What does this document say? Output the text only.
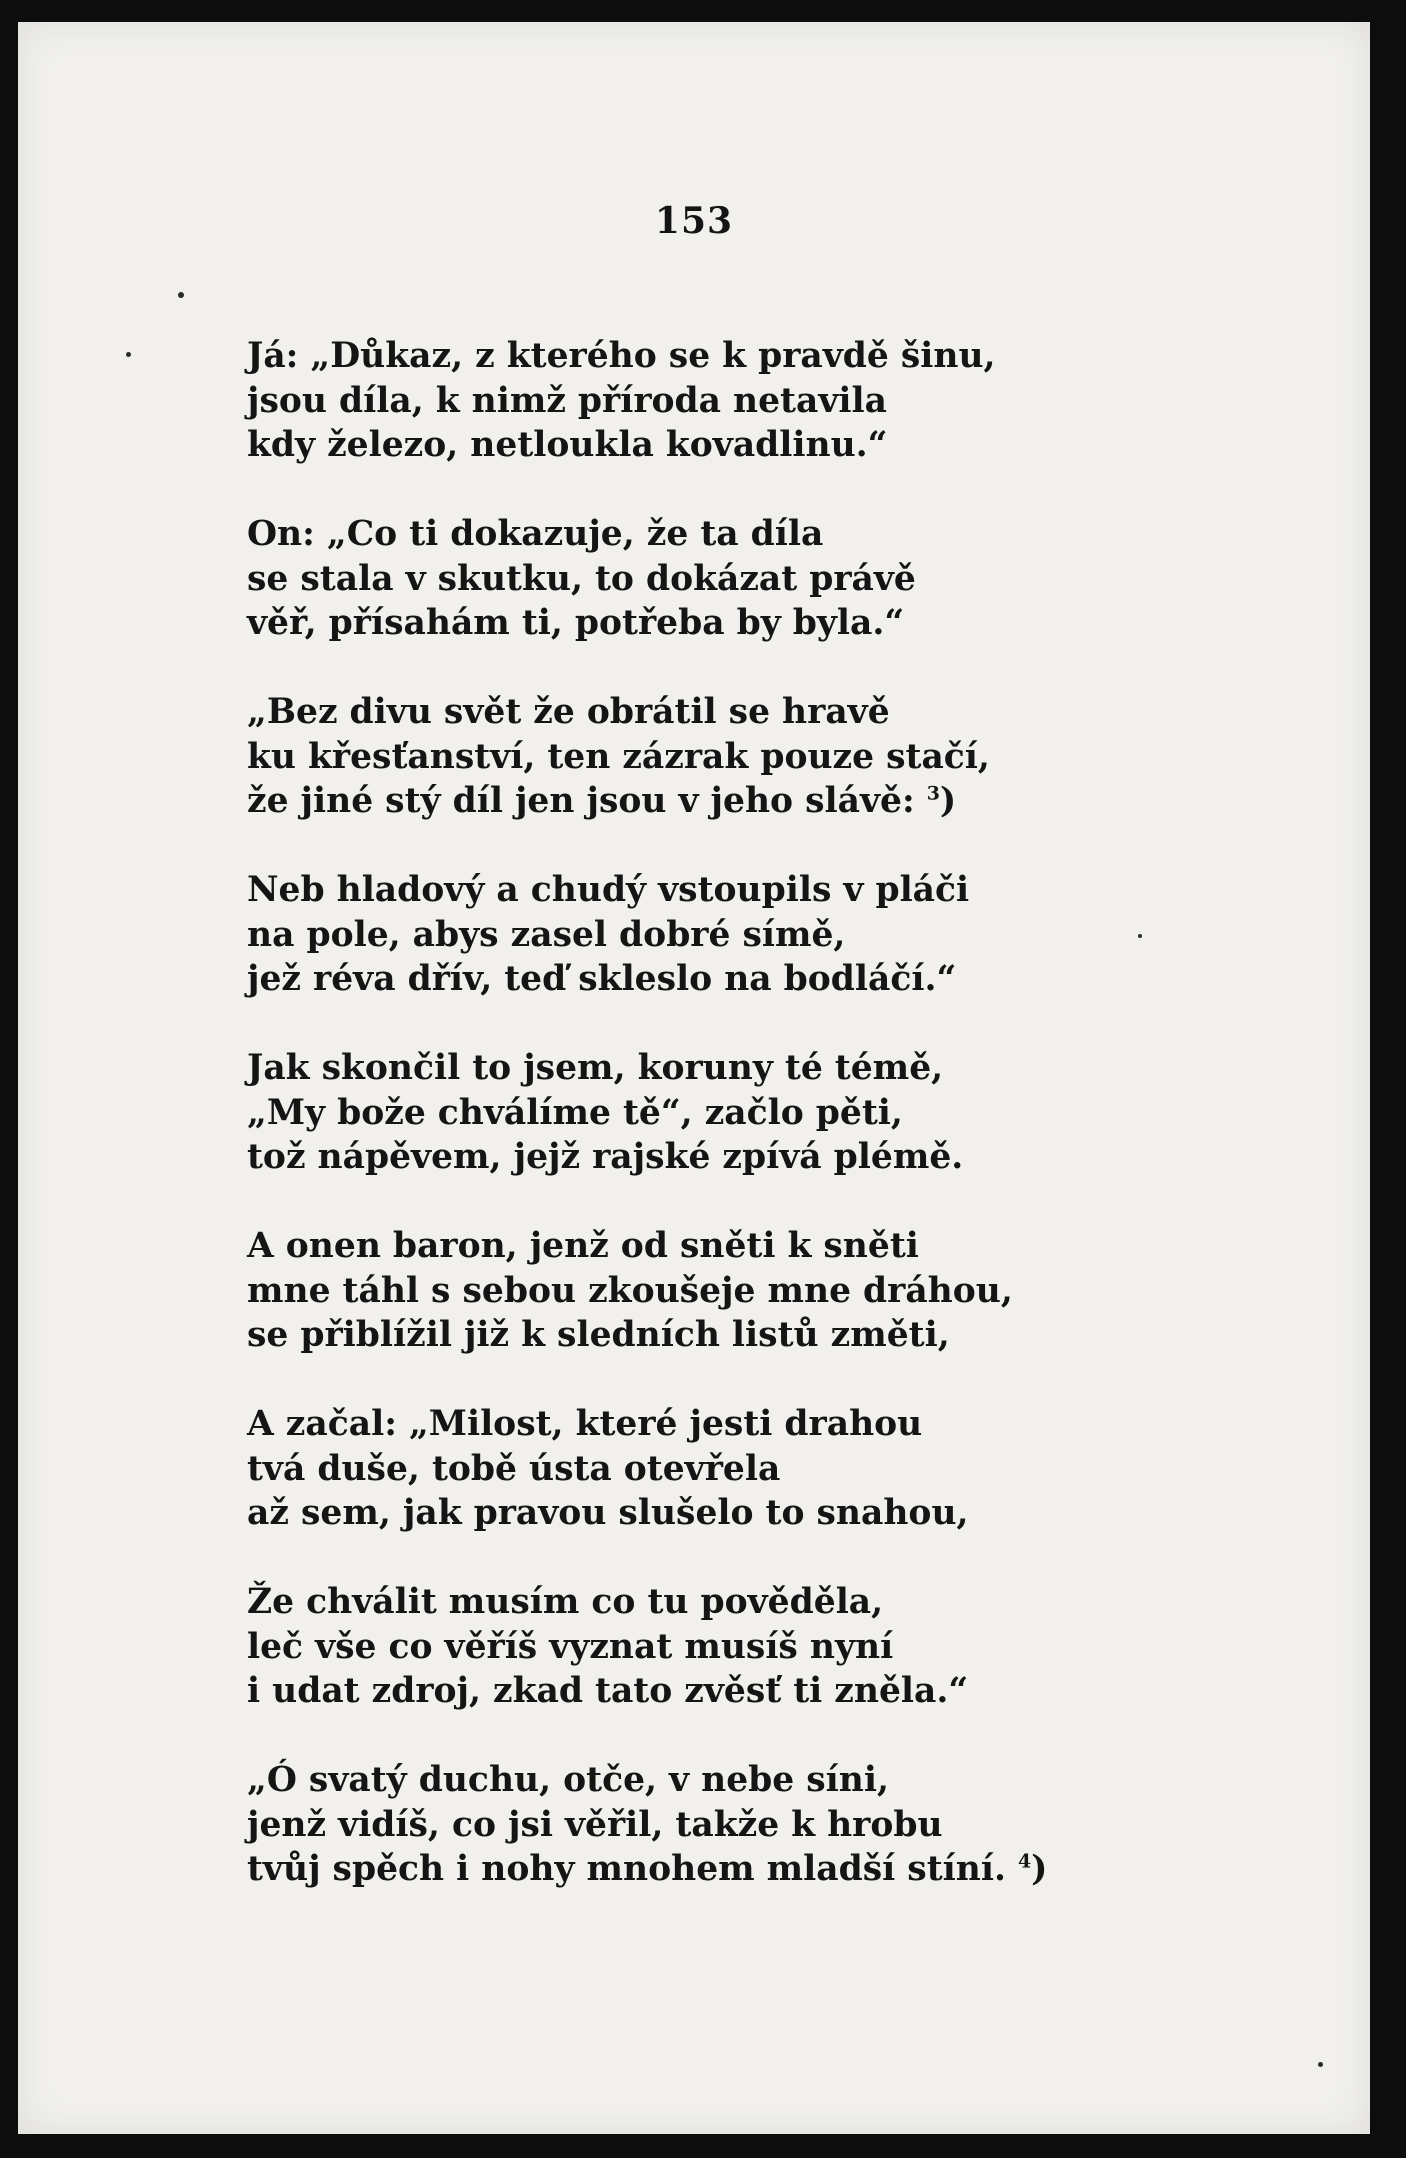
153
Já: „Důkaz, z kterého se k pravdě šinu,
jsou díla, k nimž příroda netavila
kdy železo, netloukla kovadlinu.“
On: „Co ti dokazuje, že ta díla
se stala v skutku, to dokázat právě
věř, přísahám ti, potřeba by byla.“
„Bez divu svět že obrátil se hravě
ku křesťanství, ten zázrak pouze stačí,
že jiné stý díl jen jsou v jeho slávě: $^3$)
Neb hladový a chudý vstoupils v pláči
na pole, abys zasel dobré símě,
jež réva dřív, teď skleslo na bodláčí.“
Jak skončil to jsem, koruny té témě,
„My bože chválíme tě“, začlo pěti,
tož nápěvem, jejž rajské zpívá plémě.
A onen baron, jenž od sněti k sněti
mne táhl s sebou zkoušeje mne dráhou,
se přiblížil již k sledních listů změti,
A začal: „Milost, které jesti drahou
tvá duše, tobě ústa otevřela
až sem, jak pravou slušelo to snahou,
Že chválit musím co tu pověděla,
leč vše co věříš vyznat musíš nyní
i udat zdroj, zkad tato zvěsť ti zněla.“
„Ó svatý duchu, otče, v nebe síni,
jenž vidíš, co jsi věřil, takže k hrobu
tvůj spěch i nohy mnohem mladší stíní. $^4$)
